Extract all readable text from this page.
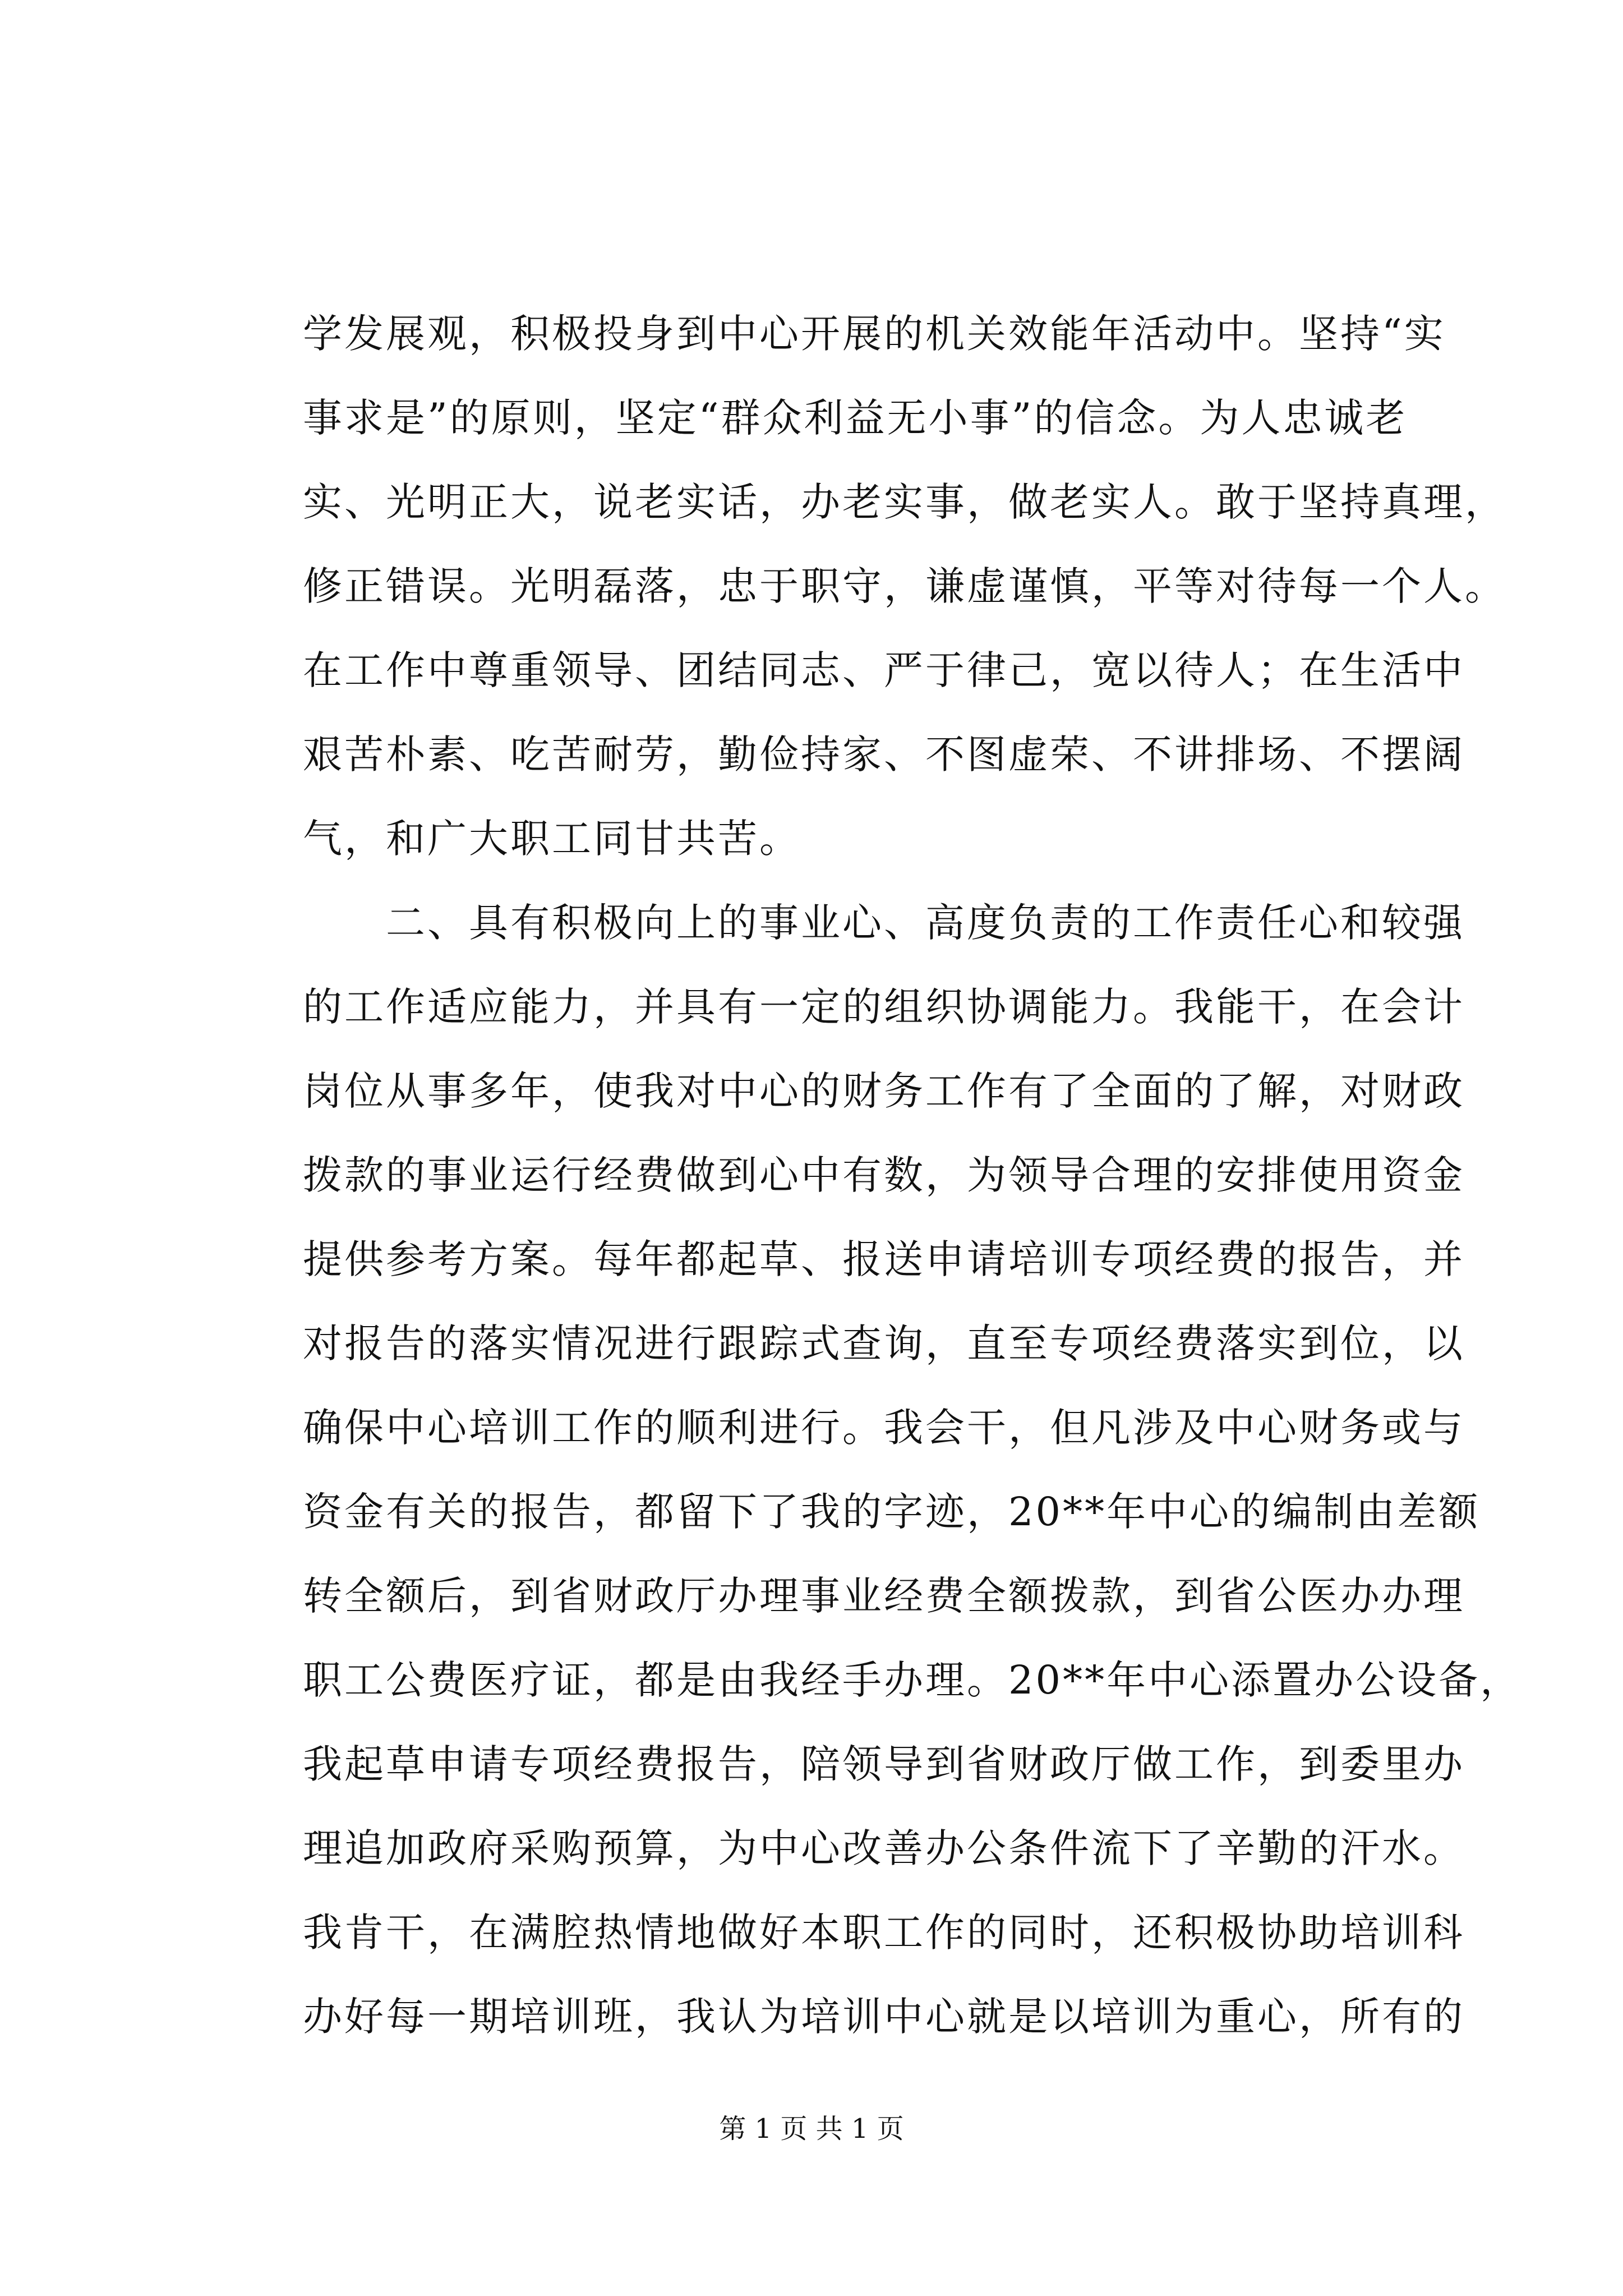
学发展观，积极投身到中心开展的机关效能年活动中。坚持“实
事求是”的原则，坚定“群众利益无小事”的信念。为人忠诚老
实、光明正大，说老实话，办老实事，做老实人。敢于坚持真理，
修正错误。光明磊落，忠于职守，谦虚谨慎，平等对待每一个人。
在工作中尊重领导、团结同志、严于律己，宽以待人；在生活中
艰苦朴素、吃苦耐劳，勤俭持家、不图虚荣、不讲排场、不摆阔
气，和广大职工同甘共苦。
　　二、具有积极向上的事业心、高度负责的工作责任心和较强
的工作适应能力，并具有一定的组织协调能力。我能干，在会计
岗位从事多年，使我对中心的财务工作有了全面的了解，对财政
拨款的事业运行经费做到心中有数，为领导合理的安排使用资金
提供参考方案。每年都起草、报送申请培训专项经费的报告，并
对报告的落实情况进行跟踪式查询，直至专项经费落实到位，以
确保中心培训工作的顺利进行。我会干，但凡涉及中心财务或与
资金有关的报告，都留下了我的字迹，20**年中心的编制由差额
转全额后，到省财政厅办理事业经费全额拨款，到省公医办办理
职工公费医疗证，都是由我经手办理。20**年中心添置办公设备，
我起草申请专项经费报告，陪领导到省财政厅做工作，到委里办
理追加政府采购预算，为中心改善办公条件流下了辛勤的汗水。
我肯干，在满腔热情地做好本职工作的同时，还积极协助培训科
办好每一期培训班，我认为培训中心就是以培训为重心，所有的
第 1 页 共 1 页
